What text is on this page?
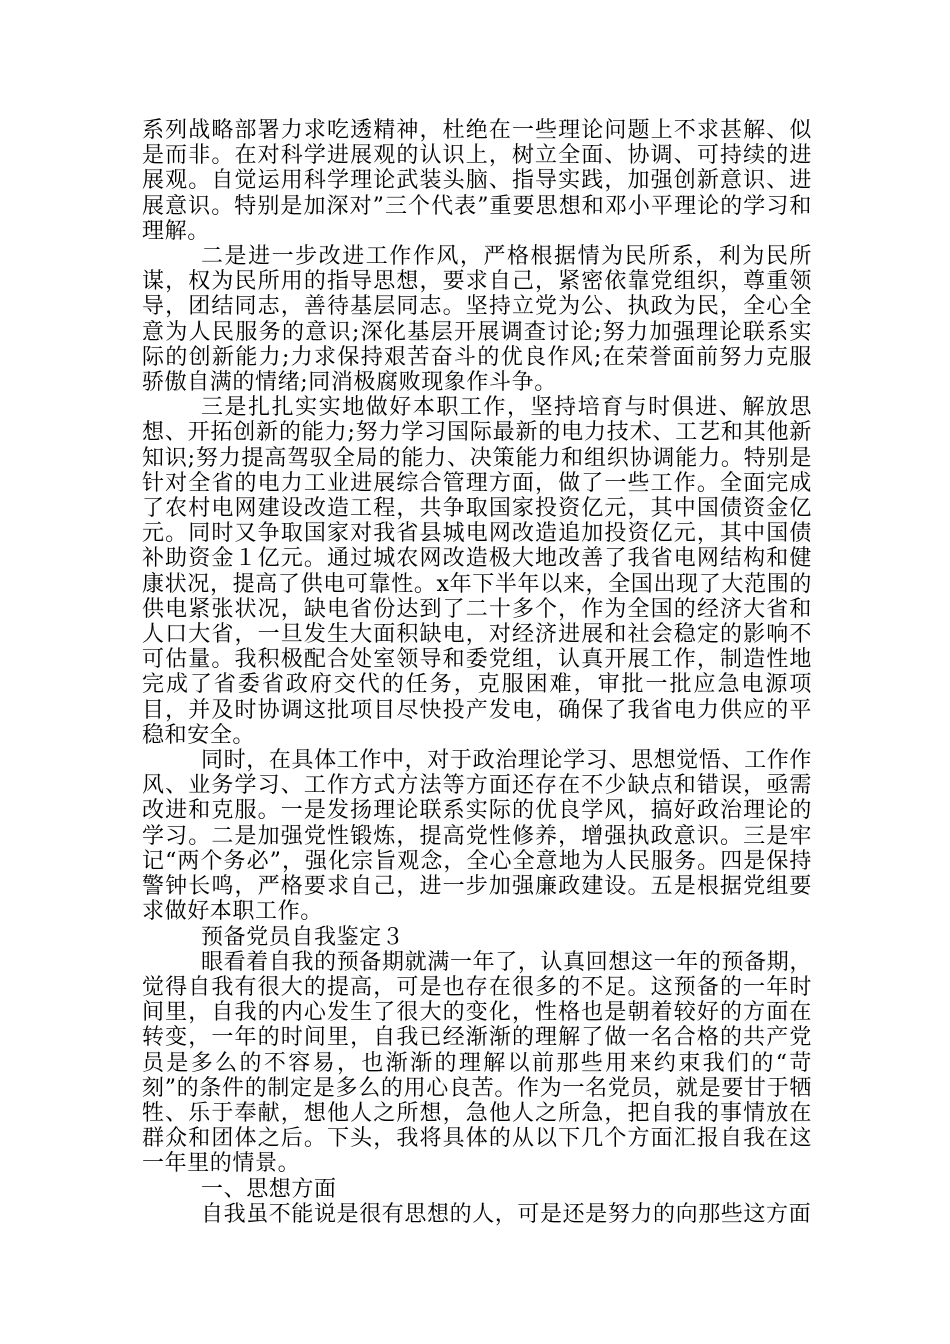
系列战略部署力求吃透精神，杜绝在一些理论问题上不求甚解、似是而非。在对科学进展观的认识上，树立全面、协调、可持续的进展观。自觉运用科学理论武装头脑、指导实践，加强创新意识、进展意识。特别是加深对”三个代表”重要思想和邓小平理论的学习和理解。

二是进一步改进工作作风，严格根据情为民所系，利为民所谋，权为民所用的指导思想，要求自己，紧密依靠党组织，尊重领导，团结同志，善待基层同志。坚持立党为公、执政为民，全心全意为人民服务的意识;深化基层开展调查讨论;努力加强理论联系实际的创新能力;力求保持艰苦奋斗的优良作风;在荣誉面前努力克服骄傲自满的情绪;同消极腐败现象作斗争。

三是扎扎实实地做好本职工作，坚持培育与时俱进、解放思想、开拓创新的能力;努力学习国际最新的电力技术、工艺和其他新知识;努力提高驾驭全局的能力、决策能力和组织协调能力。特别是针对全省的电力工业进展综合管理方面，做了一些工作。全面完成了农村电网建设改造工程，共争取国家投资亿元，其中国债资金亿元。同时又争取国家对我省县城电网改造追加投资亿元，其中国债补助资金１亿元。通过城农网改造极大地改善了我省电网结构和健康状况，提高了供电可靠性。x年下半年以来，全国出现了大范围的供电紧张状况，缺电省份达到了二十多个，作为全国的经济大省和人口大省，一旦发生大面积缺电，对经济进展和社会稳定的影响不可估量。我积极配合处室领导和委党组，认真开展工作，制造性地完成了省委省政府交代的任务，克服困难，审批一批应急电源项目，并及时协调这批项目尽快投产发电，确保了我省电力供应的平稳和安全。

同时，在具体工作中，对于政治理论学习、思想觉悟、工作作风、业务学习、工作方式方法等方面还存在不少缺点和错误，亟需改进和克服。一是发扬理论联系实际的优良学风，搞好政治理论的学习。二是加强党性锻炼，提高党性修养，增强执政意识。三是牢记“两个务必”，强化宗旨观念，全心全意地为人民服务。四是保持警钟长鸣，严格要求自己，进一步加强廉政建设。五是根据党组要求做好本职工作。

预备党员自我鉴定３

眼看着自我的预备期就满一年了，认真回想这一年的预备期，觉得自我有很大的提高，可是也存在很多的不足。这预备的一年时间里，自我的内心发生了很大的变化，性格也是朝着较好的方面在转变，一年的时间里，自我已经渐渐的理解了做一名合格的共产党员是多么的不容易，也渐渐的理解以前那些用来约束我们的“苛刻”的条件的制定是多么的用心良苦。作为一名党员，就是要甘于牺牲、乐于奉献，想他人之所想，急他人之所急，把自我的事情放在群众和团体之后。下头，我将具体的从以下几个方面汇报自我在这一年里的情景。

一、思想方面

自我虽不能说是很有思想的人，可是还是努力的向那些这方面
